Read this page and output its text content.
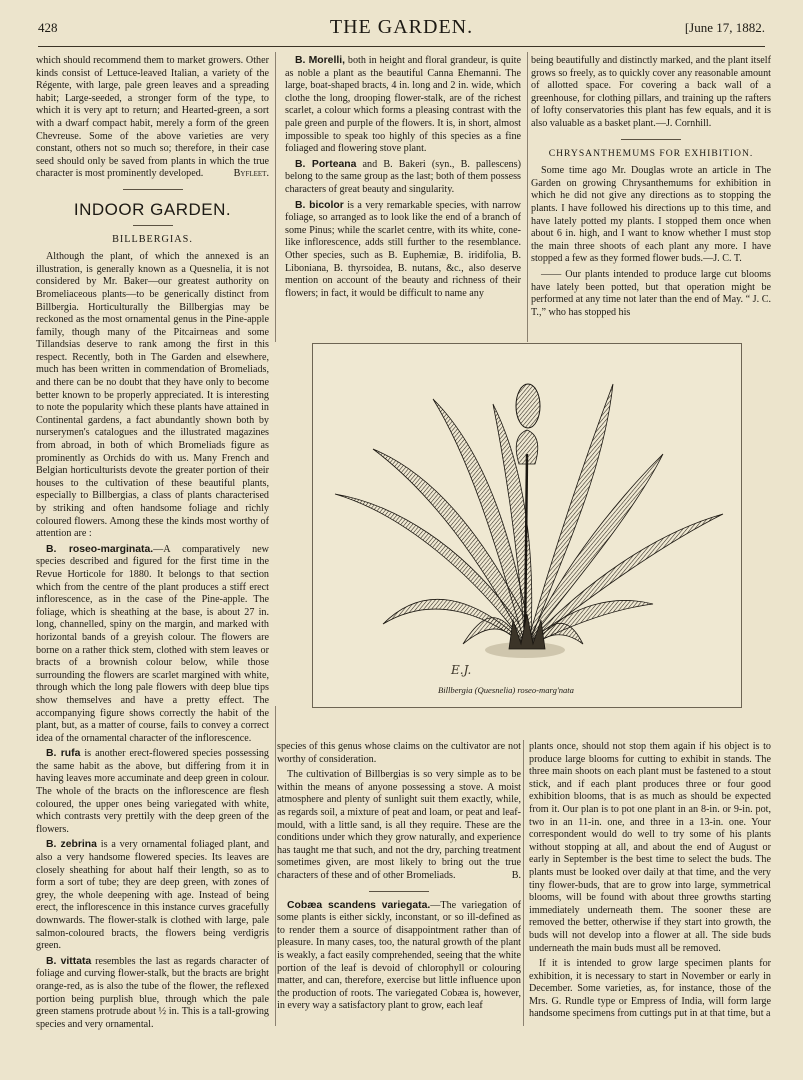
428	THE GARDEN.	[June 17, 1882.

which should recommend them to market growers. Other kinds consist of Lettuce-leaved Italian, a variety of the Régente, with large, pale green leaves and a spreading habit; Large-seeded, a stronger form of the type, to which it is very apt to return; and Hearted-green, a sort with a dwarf compact habit, merely a form of the green Chevreuse. Some of the above varieties are very constant, others not so much so; therefore, in their case seed should only be saved from plants in which the true character is most prominently developed.	Byfleet.

INDOOR GARDEN.
BILLBERGIAS.

Although the plant, of which the annexed is an illustration, is generally known as a Quesnelia, it is not considered by Mr. Baker—our greatest authority on Bromeliaceous plants—to be generically distinct from Billbergia. Horticulturally the Billbergias may be reckoned as the most ornamental genus in the Pine-apple family, though many of the Pitcairneas and some Tillandsias deserve to rank among the first in this respect. Recently, both in The Garden and elsewhere, much has been written in commendation of Bromeliads, and there can be no doubt that they have only to become better known to be properly appreciated. It is interesting to note the popularity which these plants have attained in Continental gardens, a fact abundantly shown both by nurserymen's catalogues and the illustrated magazines from abroad, in both of which Bromeliads figure as prominently as Orchids do with us. Many French and Belgian horticulturists devote the greater portion of their houses to the cultivation of these beautiful plants, especially to Billbergias, a class of plants characterised by striking and often handsome foliage and richly coloured flowers. Among these the kinds most worthy of attention are :

B. roseo-marginata.—A comparatively new species described and figured for the first time in the Revue Horticole for 1880. It belongs to that section which from the centre of the plant produces a stiff erect inflorescence, as in the case of the Pine-apple. The foliage, which is sheathing at the base, is about 27 in. long, channelled, spiny on the margin, and marked with horizontal bands of a greyish colour. The flowers are borne on a rather thick stem, clothed with stem leaves or bracts of a brownish colour below, while those surrounding the flowers are scarlet margined with white, through which the long pale flowers with deep blue tips show themselves and have a pretty effect. The accompanying figure shows correctly the habit of the plant, but, as a matter of course, fails to convey a correct idea of the ornamental character of the inflorescence.

B. rufa is another erect-flowered species possessing the same habit as the above, but differing from it in having leaves more accuminate and deep green in colour. The whole of the bracts on the inflorescence are flesh coloured, the upper ones being variegated with white, which contrasts very prettily with the deep green of the flowers.

B. zebrina is a very ornamental foliaged plant, and also a very handsome flowered species. Its leaves are closely sheathing for about half their length, so as to form a sort of tube; they are deep green, with zones of grey, the whole deepening with age. Instead of being erect, the inflorescence in this instance curves gracefully downwards. The flower-stalk is clothed with large, pale salmon-coloured bracts, the flowers being verdigris green.

B. vittata resembles the last as regards character of foliage and curving flower-stalk, but the bracts are bright orange-red, as is also the tube of the flower, the reflexed portion being purplish blue, through which the pale green stamens protrude about ½ in. This is a tall-growing species and very ornamental.

B. Morelli, both in height and floral grandeur, is quite as noble a plant as the beautiful Canna Ehemanni. The large, boat-shaped bracts, 4 in. long and 2 in. wide, which clothe the long, drooping flower-stalk, are of the richest scarlet, a colour which forms a pleasing contrast with the pale green and purple of the flowers. It is, in short, almost impossible to speak too highly of this species as a fine foliaged and flowering stove plant.

B. Porteana and B. Bakeri (syn., B. pallescens) belong to the same group as the last; both of them possess characters of great beauty and singularity.

B. bicolor is a very remarkable species, with narrow foliage, so arranged as to look like the end of a branch of some Pinus; while the scarlet centre, with its white, cone-like inflorescence, adds still further to the resemblance. Other species, such as B. Euphemiæ, B. iridifolia, B. Liboniana, B. thyrsoidea, B. nutans, &c., also deserve mention on account of the beauty and richness of their flowers; in fact, it would be difficult to name any

being beautifully and distinctly marked, and the plant itself grows so freely, as to quickly cover any reasonable amount of allotted space. For covering a back wall of a greenhouse, for clothing pillars, and training up the rafters of lofty conservatories this plant has few equals, and it is also valuable as a basket plant.—J. Cornhill.

CHRYSANTHEMUMS FOR EXHIBITION.

Some time ago Mr. Douglas wrote an article in The Garden on growing Chrysanthemums for exhibition in which he did not give any directions as to stopping the plants. I have followed his directions up to this time, and have lately potted my plants. I stopped them once when about 6 in. high, and I want to know whether I must stop the main three shoots of each plant any more. I have stopped a few as they formed flower buds.—J. C. T.

—— Our plants intended to produce large cut blooms have lately been potted, but that operation might be performed at any time not later than the end of May. “ J. C. T.,” who has stopped his

E.J.
Billbergia (Quesnelia) roseo-marg'nata

species of this genus whose claims on the cultivator are not worthy of consideration.

The cultivation of Billbergias is so very simple as to be within the means of anyone possessing a stove. A moist atmosphere and plenty of sunlight suit them exactly, while, as regards soil, a mixture of peat and loam, or peat and leaf-mould, with a little sand, is all they require. These are the conditions under which they grow naturally, and experience has taught me that such, and not the dry, parching treatment sometimes given, are most likely to bring out the true characters of these and of other Bromeliads.	B.

Cobæa scandens variegata.—The variegation of some plants is either sickly, inconstant, or so ill-defined as to render them a source of disappointment rather than of pleasure. In many cases, too, the natural growth of the plant is weakly, a fact easily comprehended, seeing that the white portion of the leaf is devoid of chlorophyll or colouring matter, and can, therefore, exercise but little influence upon the production of roots. The variegated Cobæa is, however, in every way a satisfactory plant to grow, each leaf

plants once, should not stop them again if his object is to produce large blooms for cutting to exhibit in stands. The three main shoots on each plant must be fastened to a stout stick, and if each plant produces three or four good exhibition blooms, that is as much as should be expected from it. Our plan is to pot one plant in an 8-in. or 9-in. pot, two in an 11-in. one, and three in a 13-in. one. Your correspondent would do well to try some of his plants without stopping at all, and about the end of August or early in September is the best time to select the buds. The plants must be looked over daily at that time, and the very tiny flower-buds, that are to grow into large, symmetrical blooms, will be found with about three growths starting immediately underneath them. The sooner these are removed the better, otherwise if they start into growth, the buds will not develop into a flower at all. The side buds underneath the main buds must all be removed.

If it is intended to grow large specimen plants for exhibition, it is necessary to start in November or early in December. Some varieties, as, for instance, those of the Mrs. G. Rundle type or Empress of India, will form large handsome specimens from cuttings put in at that time, but a
